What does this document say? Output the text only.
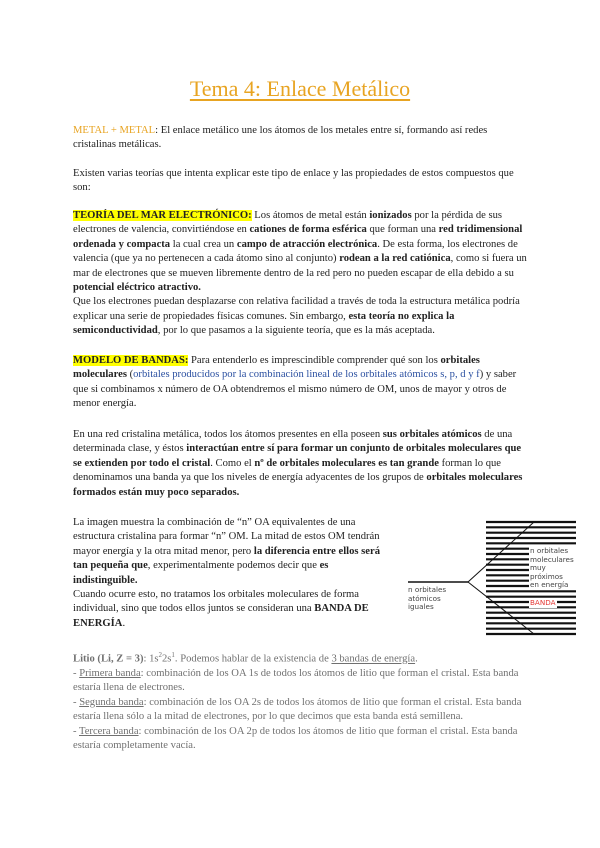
Tema 4: Enlace Metálico

METAL + METAL: El enlace metálico une los átomos de los metales entre sí, formando así redes cristalinas metálicas.

Existen varias teorías que intenta explicar este tipo de enlace y las propiedades de estos compuestos que son:

TEORÍA DEL MAR ELECTRÓNICO: Los átomos de metal están ionizados por la pérdida de sus electrones de valencia, convirtiéndose en cationes de forma esférica que forman una red tridimensional ordenada y compacta la cual crea un campo de atracción electrónica. De esta forma, los electrones de valencia (que ya no pertenecen a cada átomo sino al conjunto) rodean a la red catiónica, como si fuera un mar de electrones que se mueven libremente dentro de la red pero no pueden escapar de ella debido a su potencial eléctrico atractivo.

Que los electrones puedan desplazarse con relativa facilidad a través de toda la estructura metálica podría explicar una serie de propiedades físicas comunes. Sin embargo, esta teoría no explica la semiconductividad, por lo que pasamos a la siguiente teoría, que es la más aceptada.

MODELO DE BANDAS: Para entenderlo es imprescindible comprender qué son los orbitales moleculares (orbitales producidos por la combinación lineal de los orbitales atómicos s, p, d y f) y saber que si combinamos x número de OA obtendremos el mismo número de OM, unos de mayor y otros de menor energía.

En una red cristalina metálica, todos los átomos presentes en ella poseen sus orbitales atómicos de una determinada clase, y éstos interactúan entre sí para formar un conjunto de orbitales moleculares que se extienden por todo el cristal. Como el nº de orbitales moleculares es tan grande forman lo que denominamos una banda ya que los niveles de energía adyacentes de los grupos de orbitales moleculares formados están muy poco separados.

La imagen muestra la combinación de “n” OA equivalentes de una estructura cristalina para formar “n” OM. La mitad de estos OM tendrán mayor energía y la otra mitad menor, pero la diferencia entre ellos será tan pequeña que, experimentalmente podemos decir que es indistinguible.

Cuando ocurre esto, no tratamos los orbitales moleculares de forma individual, sino que todos ellos juntos se consideran una BANDA DE ENERGÍA.

n orbitales
atómicos
iguales
n orbitales
moleculares
muy próximos
en energía
BANDA

Litio (Li, Z = 3): $1s^22s^1$. Podemos hablar de la existencia de 3 bandas de energía.

- Primera banda: combinación de los OA 1s de todos los átomos de litio que forman el cristal. Esta banda estaría llena de electrones.

- Segunda banda: combinación de los OA 2s de todos los átomos de litio que forman el cristal. Esta banda estaría llena sólo a la mitad de electrones, por lo que decimos que esta banda está semillena.

- Tercera banda: combinación de los OA 2p de todos los átomos de litio que forman el cristal. Esta banda estaría completamente vacía.
